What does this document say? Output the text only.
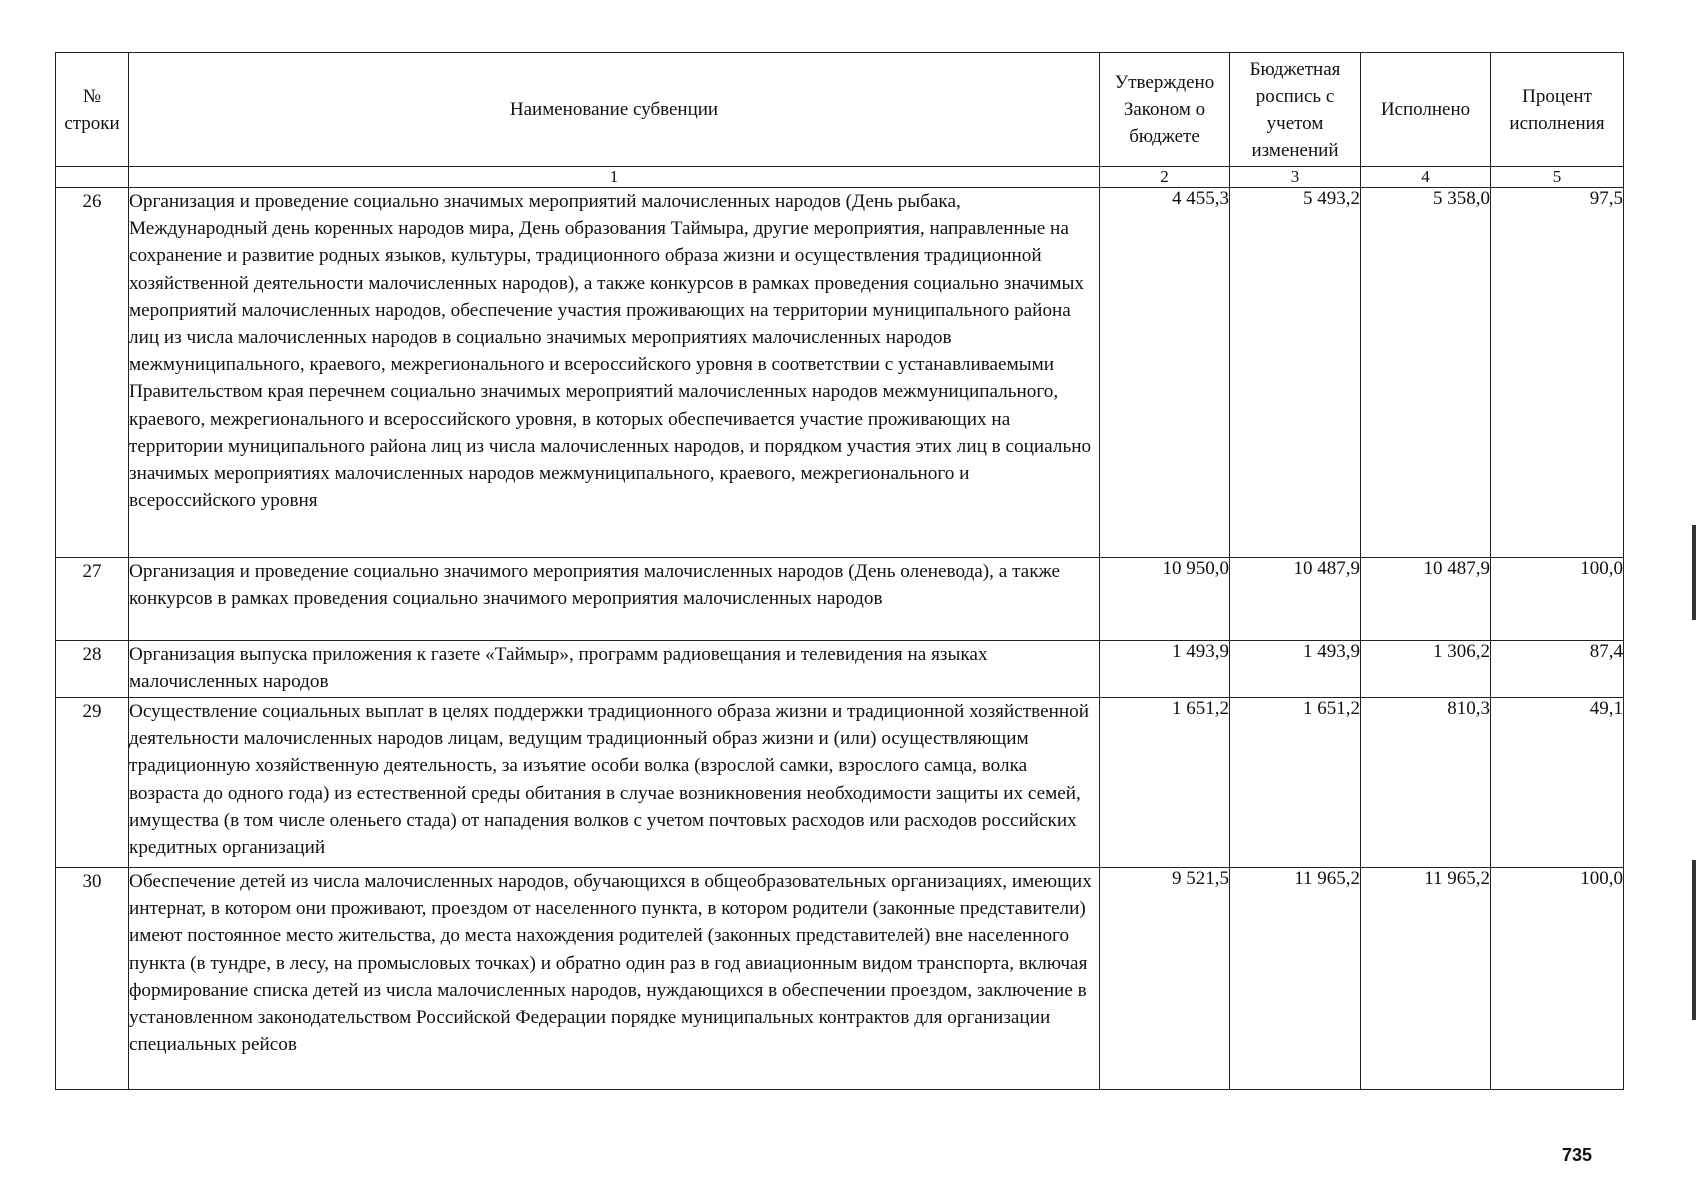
№ строки	Наименование субвенции	Утверждено Законом о бюджете	Бюджетная роспись с учетом изменений	Исполнено	Процент исполнения
	1	2	3	4	5
26	Организация и проведение социально значимых мероприятий малочисленных народов (День рыбака, Международный день коренных народов мира, День образования Таймыра, другие мероприятия, направленные на сохранение и развитие родных языков, культуры, традиционного образа жизни и осуществления традиционной хозяйственной деятельности малочисленных народов), а также конкурсов в рамках проведения социально значимых мероприятий малочисленных народов, обеспечение участия проживающих на территории муниципального района лиц из числа малочисленных народов в социально значимых мероприятиях малочисленных народов межмуниципального, краевого, межрегионального и всероссийского уровня в соответствии с устанавливаемыми Правительством края перечнем социально значимых мероприятий малочисленных народов межмуниципального, краевого, межрегионального и всероссийского уровня, в которых обеспечивается участие проживающих на территории муниципального района лиц из числа малочисленных народов, и порядком участия этих лиц в социально значимых мероприятиях малочисленных народов межмуниципального, краевого, межрегионального и всероссийского уровня	4 455,3	5 493,2	5 358,0	97,5
27	Организация и проведение социально значимого мероприятия малочисленных народов (День оленевода), а также конкурсов в рамках проведения социально значимого мероприятия малочисленных народов	10 950,0	10 487,9	10 487,9	100,0
28	Организация выпуска приложения к газете «Таймыр», программ радиовещания и телевидения на языках малочисленных народов	1 493,9	1 493,9	1 306,2	87,4
29	Осуществление социальных выплат в целях поддержки традиционного образа жизни и традиционной хозяйственной деятельности малочисленных народов лицам, ведущим традиционный образ жизни и (или) осуществляющим традиционную хозяйственную деятельность, за изъятие особи волка (взрослой самки, взрослого самца, волка возраста до одного года) из естественной среды обитания в случае возникновения необходимости защиты их семей, имущества (в том числе оленьего стада) от нападения волков с учетом почтовых расходов или расходов российских кредитных организаций	1 651,2	1 651,2	810,3	49,1
30	Обеспечение детей из числа малочисленных народов, обучающихся в общеобразовательных организациях, имеющих интернат, в котором они проживают, проездом от населенного пункта, в котором родители (законные представители) имеют постоянное место жительства, до места нахождения родителей (законных представителей) вне населенного пункта (в тундре, в лесу, на промысловых точках) и обратно один раз в год авиационным видом транспорта, включая формирование списка детей из числа малочисленных народов, нуждающихся в обеспечении проездом, заключение в установленном законодательством Российской Федерации порядке муниципальных контрактов для организации специальных рейсов	9 521,5	11 965,2	11 965,2	100,0
735
